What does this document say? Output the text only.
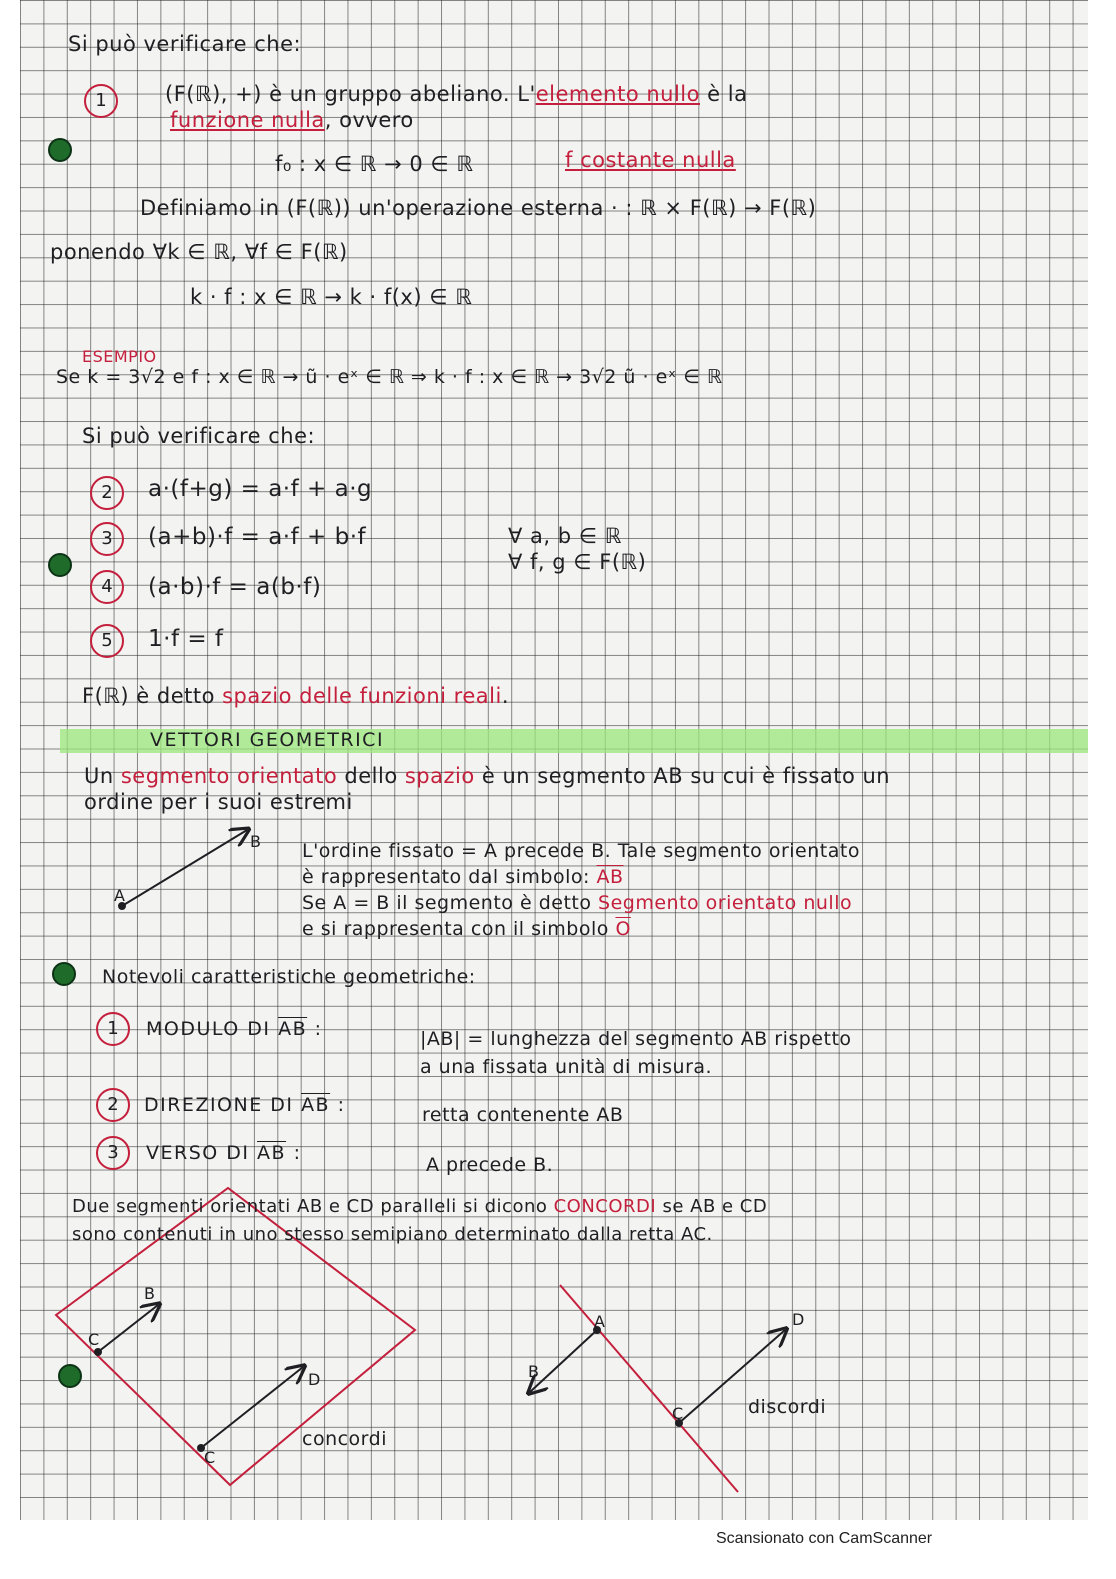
Si può verificare che:
1	(F(ℝ), +) è un gruppo abeliano. L'elemento nullo è la
funzione nulla, ovvero
f₀ : x ∈ ℝ → 0 ∈ ℝ	f costante nulla
Definiamo in (F(ℝ)) un'operazione esterna · : ℝ × F(ℝ) → F(ℝ)
ponendo ∀k ∈ ℝ, ∀f ∈ F(ℝ)
k · f : x ∈ ℝ → k · f(x) ∈ ℝ
ESEMPIO
Se k = 3√2 e f : x ∈ ℝ → ũ · eˣ ∈ ℝ ⇒ k · f : x ∈ ℝ → 3√2 ũ · eˣ ∈ ℝ
Si può verificare che:
2	a·(f+g) = a·f + a·g
3	(a+b)·f = a·f + b·f
4	(a·b)·f = a(b·f)
5	1·f = f
∀ a, b ∈ ℝ
∀ f, g ∈ F(ℝ)
F(ℝ) è detto spazio delle funzioni reali.
VETTORI GEOMETRICI
Un segmento orientato dello spazio è un segmento AB su cui è fissato un
ordine per i suoi estremi
A
B L'ordine fissato = A precede B. Tale segmento orientato
è rappresentato dal simbolo: $\overline{AB}$
Se A = B il segmento è detto Segmento orientato nullo
e si rappresenta con il simbolo $\overline{O}$
Notevoli caratteristiche geometriche:
1	MODULO DI $\overline{AB}$ :	|AB| = lunghezza del segmento AB rispetto
a una fissata unità di misura.
2	DIREZIONE DI $\overline{AB}$ :	retta contenente AB
3	VERSO DI $\overline{AB}$ :
A precede B.
Due segmenti orientati AB e CD paralleli si dicono CONCORDI se AB e CD
sono contenuti in uno stesso semipiano determinato dalla retta AC.
C
B
C
D
concordi
A
B
C
D
discordi
Scansionato con CamScanner
